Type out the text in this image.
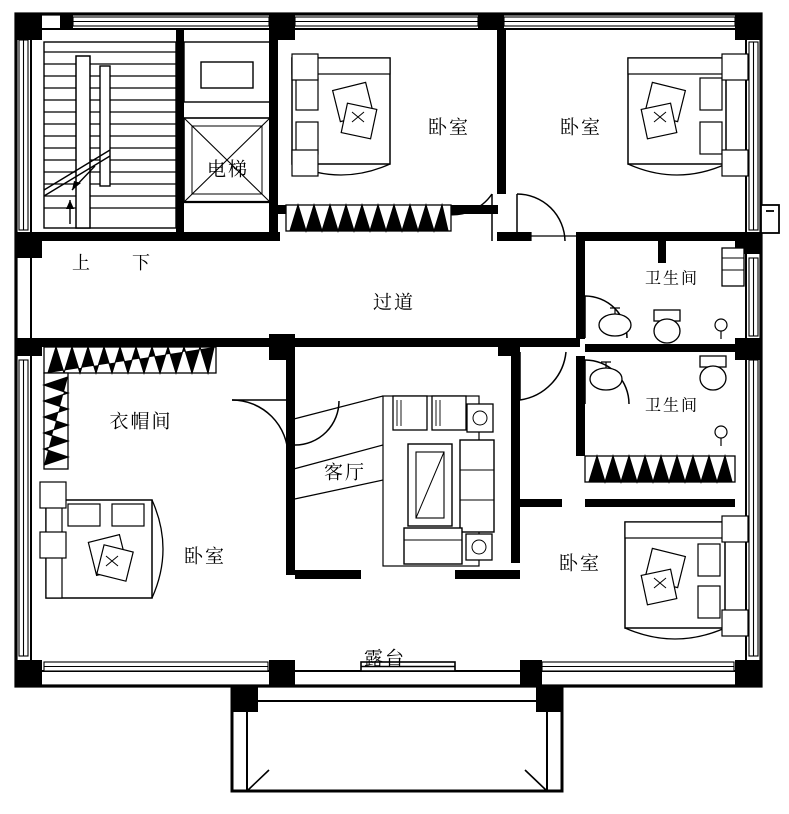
卧室	卧室
电梯
过道
卫生间
卫生间
衣帽间
客厅
卧室	卧室
露台
上 下
